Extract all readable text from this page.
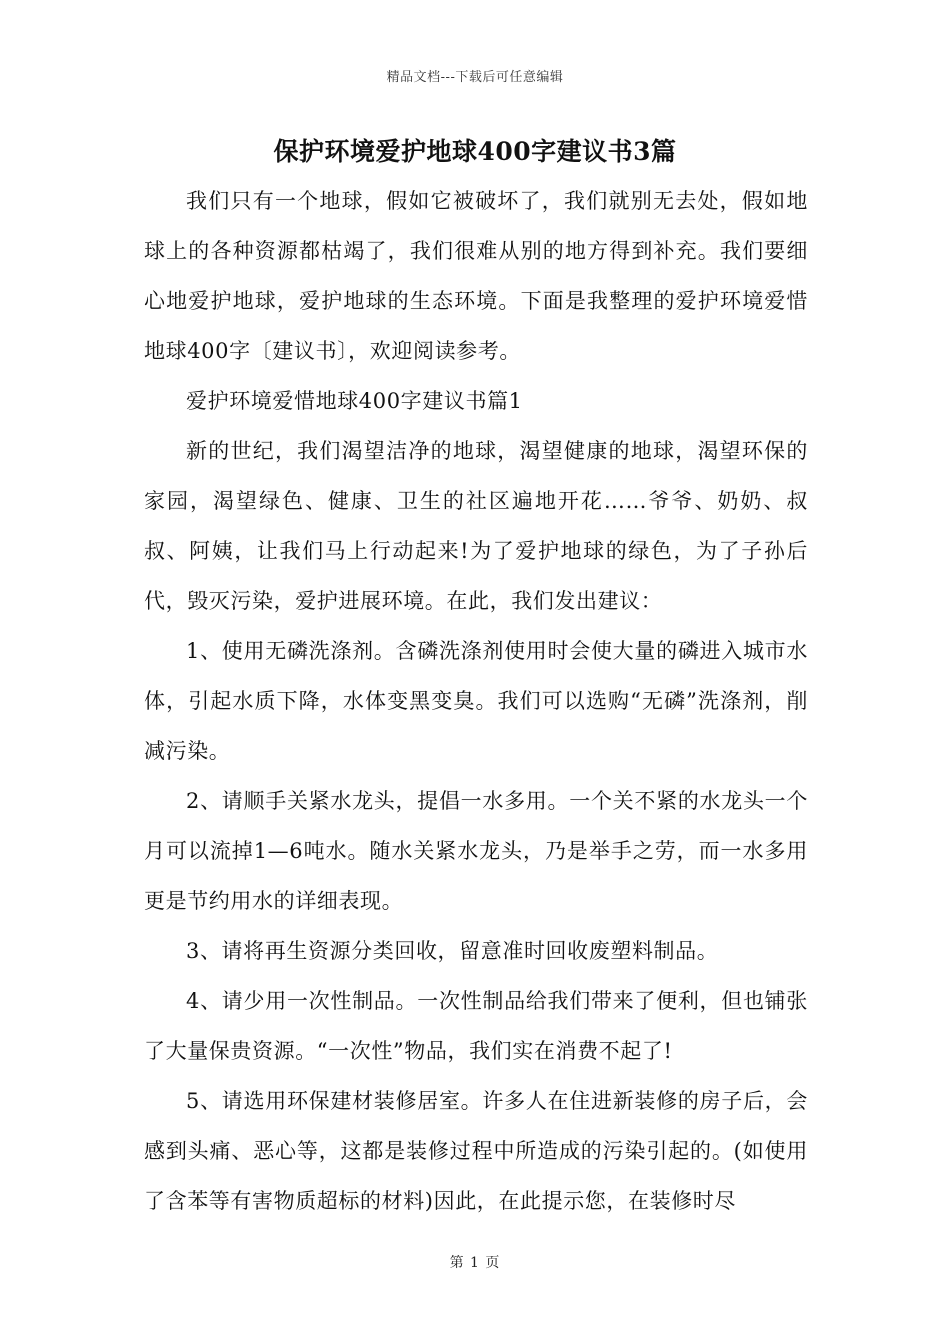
精品文档---下载后可任意编辑
保护环境爱护地球400字建议书3篇

我们只有一个地球，假如它被破坏了，我们就别无去处，假如地球上的各种资源都枯竭了，我们很难从别的地方得到补充。我们要细心地爱护地球，爱护地球的生态环境。下面是我整理的爱护环境爱惜地球400字〔建议书〕，欢迎阅读参考。

爱护环境爱惜地球400字建议书篇1

新的世纪，我们渴望洁净的地球，渴望健康的地球，渴望环保的家园，渴望绿色、健康、卫生的社区遍地开花……爷爷、奶奶、叔叔、阿姨，让我们马上行动起来!为了爱护地球的绿色，为了子孙后代，毁灭污染，爱护进展环境。在此，我们发出建议：

1、使用无磷洗涤剂。含磷洗涤剂使用时会使大量的磷进入城市水体，引起水质下降，水体变黑变臭。我们可以选购“无磷”洗涤剂，削减污染。

2、请顺手关紧水龙头，提倡一水多用。一个关不紧的水龙头一个月可以流掉1—6吨水。随水关紧水龙头，乃是举手之劳，而一水多用更是节约用水的详细表现。

3、请将再生资源分类回收，留意准时回收废塑料制品。

4、请少用一次性制品。一次性制品给我们带来了便利，但也铺张了大量保贵资源。“一次性”物品，我们实在消费不起了!

5、请选用环保建材装修居室。许多人在住进新装修的房子后，会感到头痛、恶心等，这都是装修过程中所造成的污染引起的。(如使用了含苯等有害物质超标的材料)因此，在此提示您，在装修时尽

第 1 页
